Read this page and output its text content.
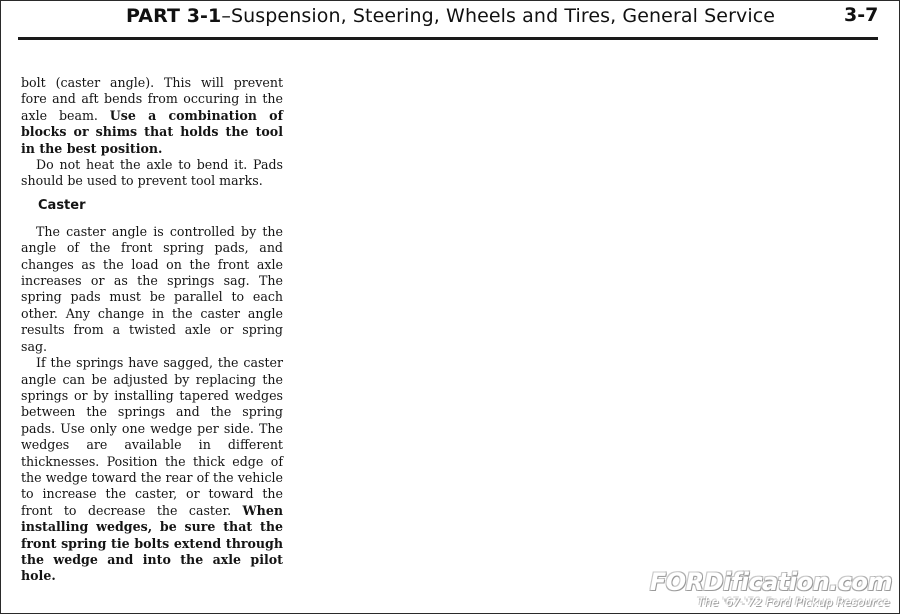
PART 3-1–Suspension, Steering, Wheels and Tires, General Service	3-7

bolt (caster angle). This will prevent fore and aft bends from occuring in the axle beam. Use a combination of blocks or shims that holds the tool in the best position.

Do not heat the axle to bend it. Pads should be used to prevent tool marks.

Caster

The caster angle is controlled by the angle of the front spring pads, and changes as the load on the front axle increases or as the springs sag. The spring pads must be parallel to each other. Any change in the caster angle results from a twisted axle or spring sag.

If the springs have sagged, the caster angle can be adjusted by replacing the springs or by installing tapered wedges between the springs and the spring pads. Use only one wedge per side. The wedges are available in different thicknesses. Position the thick edge of the wedge toward the rear of the vehicle to increase the caster, or toward the front to decrease the caster. When installing wedges, be sure that the front spring tie bolts extend through the wedge and into the axle pilot hole.	FORDification.com
The '67-'72 Ford Pickup Resource
